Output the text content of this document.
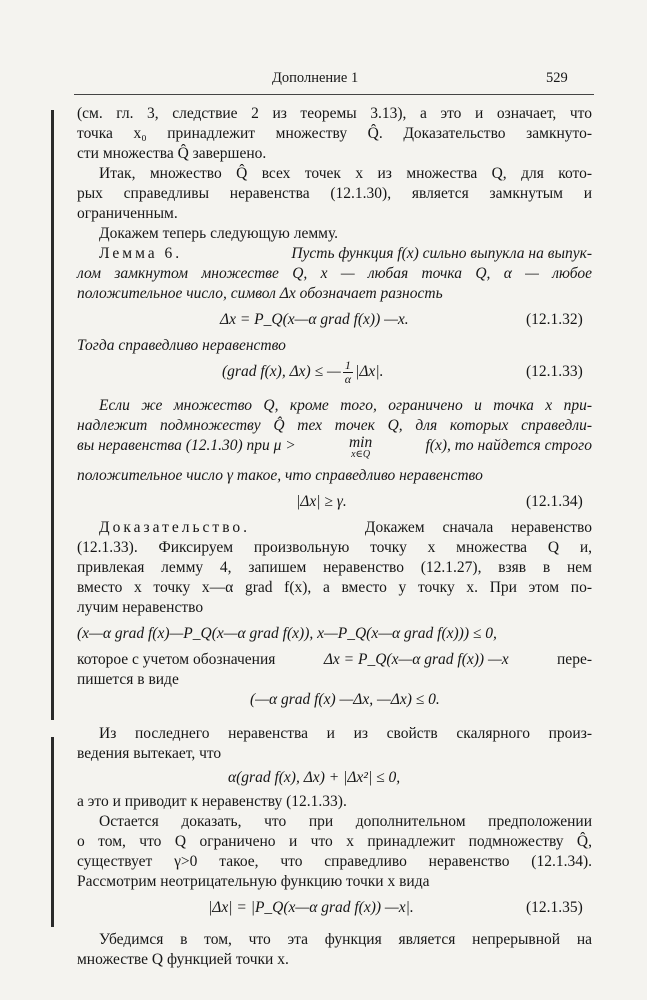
Дополнение 1	529
(см. гл. 3, следствие 2 из теоремы 3.13), а это и означает, что
точка x₀ принадлежит множеству Q̂. Доказательство замкнуто-
сти множества Q̂ завершено.
Итак, множество Q̂ всех точек x из множества Q, для кото-
рых справедливы неравенства (12.1.30), является замкнутым и
ограниченным.
Докажем теперь следующую лемму.
Лемма 6.	Пусть функция f(x) сильно выпукла на выпук-
лом замкнутом множестве Q, x — любая точка Q, α — любое
положительное число, символ Δx обозначает разность
Δx = P_Q(x—α grad f(x)) —x.	(12.1.32)
Тогда справедливо неравенство
(grad f(x), Δx) ≤ — $\frac{1}{\alpha} |\Delta x|$.	(12.1.33)
Если же множество Q, кроме того, ограничено и точка x при-
надлежит подмножеству Q̂ тех точек Q, для которых справедли-
вы неравенства (12.1.30) при μ >	min
x∈Q
f(x), то найдется строго
положительное число γ такое, что справедливо неравенство
|Δx| ≥ γ.	(12.1.34)
Доказательство.	Докажем сначала неравенство
(12.1.33). Фиксируем произвольную точку x множества Q и,
привлекая лемму 4, запишем неравенство (12.1.27), взяв в нем
вместо x точку x—α grad f(x), а вместо y точку x. При этом по-
лучим неравенство
(x—α grad f(x)—P_Q(x—α grad f(x)), x—P_Q(x—α grad f(x))) ≤ 0,
которое с учетом обозначения	Δx = P_Q(x—α grad f(x)) —x	пере-
пишется в виде
(—α grad f(x) —Δx, —Δx) ≤ 0.
Из последнего неравенства и из свойств скалярного произ-
ведения вытекает, что
α(grad f(x), Δx) + |Δx²| ≤ 0,
а это и приводит к неравенству (12.1.33).
Остается доказать, что при дополнительном предположении
о том, что Q ограничено и что x принадлежит подмножеству Q̂,
существует γ>0 такое, что справедливо неравенство (12.1.34).
Рассмотрим неотрицательную функцию точки x вида
|Δx| = |P_Q(x—α grad f(x)) —x|.	(12.1.35)
Убедимся в том, что эта функция является непрерывной на
множестве Q функцией точки x.
